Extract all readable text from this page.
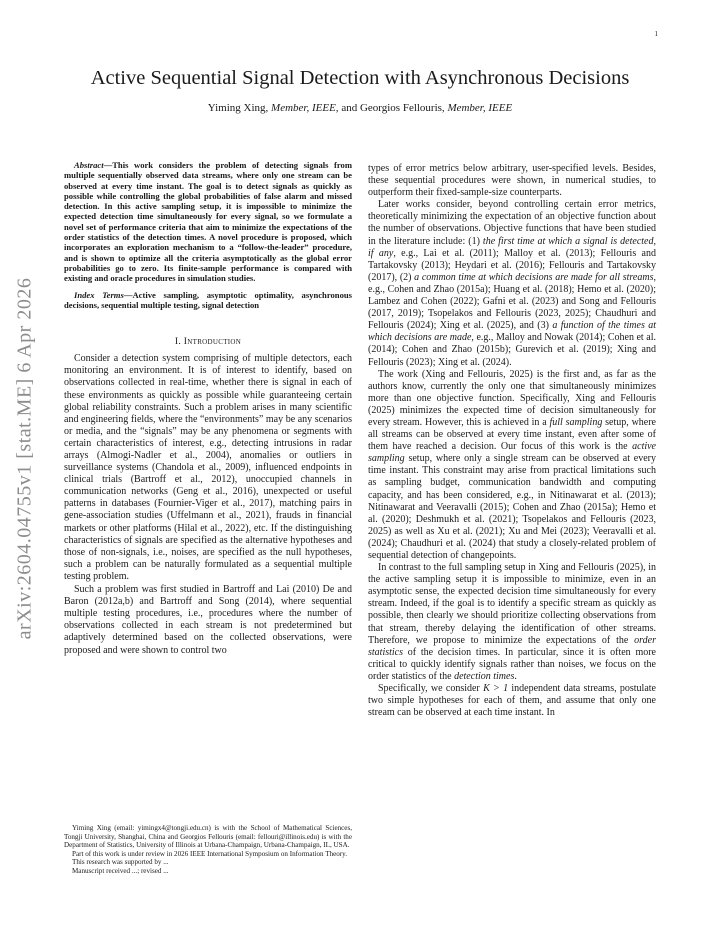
1
arXiv:2604.04755v1 [stat.ME] 6 Apr 2026
Active Sequential Signal Detection with Asynchronous Decisions
Yiming Xing, Member, IEEE, and Georgios Fellouris, Member, IEEE

Abstract—This work considers the problem of detecting signals from multiple sequentially observed data streams, where only one stream can be observed at every time instant. The goal is to detect signals as quickly as possible while controlling the global probabilities of false alarm and missed detection. In this active sampling setup, it is impossible to minimize the expected detection time simultaneously for every signal, so we formulate a novel set of performance criteria that aim to minimize the expectations of the order statistics of the detection times. A novel procedure is proposed, which incorporates an exploration mechanism to a “follow-the-leader” procedure, and is shown to optimize all the criteria asymptotically as the global error probabilities go to zero. Its finite-sample performance is compared with existing and oracle procedures in simulation studies.

Index Terms—Active sampling, asymptotic optimality, asynchronous decisions, sequential multiple testing, signal detection

I. Introduction

Consider a detection system comprising of multiple detectors, each monitoring an environment. It is of interest to identify, based on observations collected in real-time, whether there is signal in each of these environments as quickly as possible while guaranteeing certain global reliability constraints. Such a problem arises in many scientific and engineering fields, where the “environments” may be any scenarios or media, and the “signals” may be any phenomena or segments with certain characteristics of interest, e.g., detecting intrusions in radar arrays (Almogi-Nadler et al., 2004), anomalies or outliers in surveillance systems (Chandola et al., 2009), influenced endpoints in clinical trials (Bartroff et al., 2012), unoccupied channels in communication networks (Geng et al., 2016), unexpected or useful patterns in databases (Fournier-Viger et al., 2017), matching pairs in gene-association studies (Uffelmann et al., 2021), frauds in financial markets or other platforms (Hilal et al., 2022), etc. If the distinguishing characteristics of signals are specified as the alternative hypotheses and those of non-signals, i.e., noises, are specified as the null hypotheses, such a problem can be naturally formulated as a sequential multiple testing problem.

Such a problem was first studied in Bartroff and Lai (2010) De and Baron (2012a,b) and Bartroff and Song (2014), where sequential multiple testing procedures, i.e., procedures where the number of observations collected in each stream is not predetermined but adaptively determined based on the collected observations, were proposed and were shown to control two

types of error metrics below arbitrary, user-specified levels. Besides, these sequential procedures were shown, in numerical studies, to outperform their fixed-sample-size counterparts.

Later works consider, beyond controlling certain error metrics, theoretically minimizing the expectation of an objective function about the number of observations. Objective functions that have been studied in the literature include: (1) the first time at which a signal is detected, if any, e.g., Lai et al. (2011); Malloy et al. (2013); Fellouris and Tartakovsky (2013); Heydari et al. (2016); Fellouris and Tartakovsky (2017), (2) a common time at which decisions are made for all streams, e.g., Cohen and Zhao (2015a); Huang et al. (2018); Hemo et al. (2020); Lambez and Cohen (2022); Gafni et al. (2023) and Song and Fellouris (2017, 2019); Tsopelakos and Fellouris (2023, 2025); Chaudhuri and Fellouris (2024); Xing et al. (2025), and (3) a function of the times at which decisions are made, e.g., Malloy and Nowak (2014); Cohen et al. (2014); Cohen and Zhao (2015b); Gurevich et al. (2019); Xing and Fellouris (2023); Xing et al. (2024).

The work (Xing and Fellouris, 2025) is the first and, as far as the authors know, currently the only one that simultaneously minimizes more than one objective function. Specifically, Xing and Fellouris (2025) minimizes the expected time of decision simultaneously for every stream. However, this is achieved in a full sampling setup, where all streams can be observed at every time instant, even after some of them have reached a decision. Our focus of this work is the active sampling setup, where only a single stream can be observed at every time instant. This constraint may arise from practical limitations such as sampling budget, communication bandwidth and computing capacity, and has been considered, e.g., in Nitinawarat et al. (2013); Nitinawarat and Veeravalli (2015); Cohen and Zhao (2015a); Hemo et al. (2020); Deshmukh et al. (2021); Tsopelakos and Fellouris (2023, 2025) as well as Xu et al. (2021); Xu and Mei (2023); Veeravalli et al. (2024); Chaudhuri et al. (2024) that study a closely-related problem of sequential detection of changepoints.

In contrast to the full sampling setup in Xing and Fellouris (2025), in the active sampling setup it is impossible to minimize, even in an asymptotic sense, the expected decision time simultaneously for every stream. Indeed, if the goal is to identify a specific stream as quickly as possible, then clearly we should prioritize collecting observations from that stream, thereby delaying the identification of other streams. Therefore, we propose to minimize the expectations of the order statistics of the decision times. In particular, since it is often more critical to quickly identify signals rather than noises, we focus on the order statistics of the detection times.

Specifically, we consider K > 1 independent data streams, postulate two simple hypotheses for each of them, and assume that only one stream can be observed at each time instant. In

Yiming Xing (email: yimingx4@tongji.edu.cn) is with the School of Mathematical Sciences, Tongji University, Shanghai, China and Georgios Fellouris (email: fellouri@illinois.edu) is with the Department of Statistics, University of Illinois at Urbana-Champaign, Urbana-Champaign, IL, USA.

Part of this work is under review in 2026 IEEE International Symposium on Information Theory.

This research was supported by ...

Manuscript received ...; revised ...
